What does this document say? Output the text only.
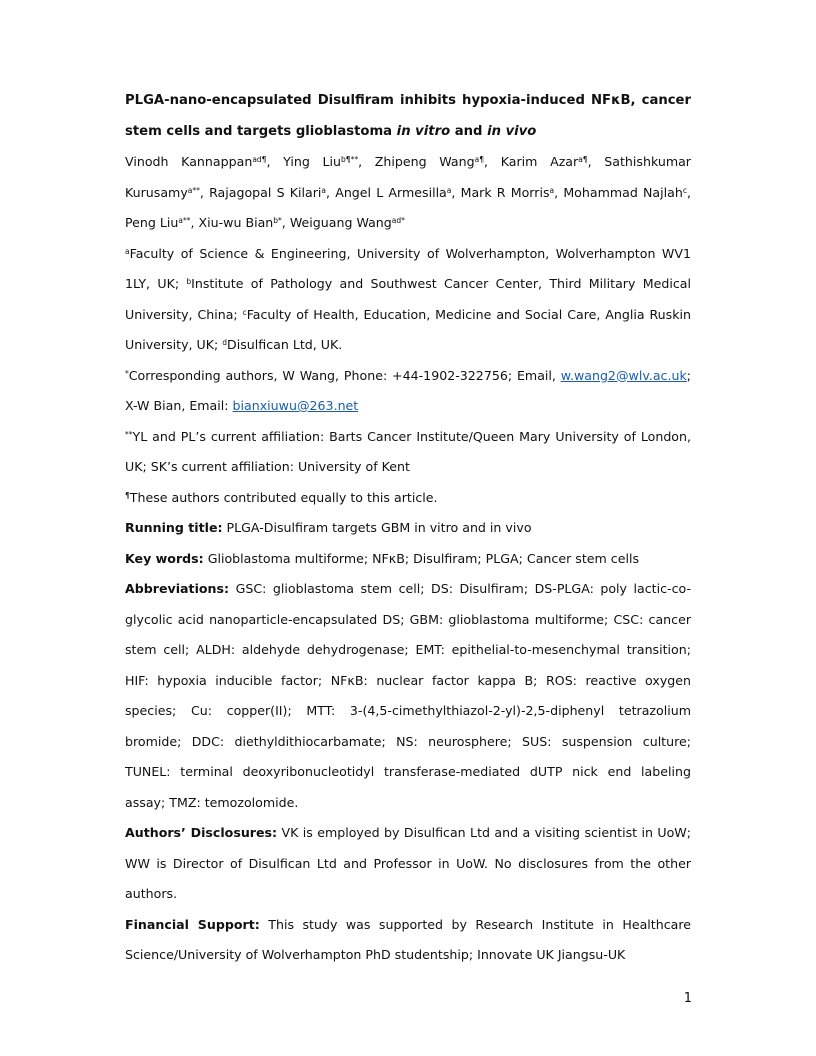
PLGA-nano-encapsulated Disulfiram inhibits hypoxia-induced NFκB, cancer

stem cells and targets glioblastoma in vitro and in vivo

Vinodh Kannappan$^{ad\P}$, Ying Liu$^{b\P**}$, Zhipeng Wang$^{a\P}$, Karim Azar$^{a\P}$, Sathishkumar Kurusamy$^{a**}$, Rajagopal S Kilari$^a$, Angel L Armesilla$^a$, Mark R Morris$^a$, Mohammad Najlah$^c$, Peng Liu$^{a**}$, Xiu-wu Bian$^{b*}$, Weiguang Wang$^{ad*}$

$^a$Faculty of Science & Engineering, University of Wolverhampton, Wolverhampton WV1 1LY, UK; $^b$Institute of Pathology and Southwest Cancer Center, Third Military Medical University, China; $^c$Faculty of Health, Education, Medicine and Social Care, Anglia Ruskin University, UK; $^d$Disulfican Ltd, UK.

*Corresponding authors, W Wang, Phone: +44-1902-322756; Email, w.wang2@wlv.ac.uk; X-W Bian, Email: bianxiuwu@263.net

**YL and PL’s current affiliation: Barts Cancer Institute/Queen Mary University of London, UK; SK’s current affiliation: University of Kent

¶These authors contributed equally to this article.

Running title: PLGA-Disulfiram targets GBM in vitro and in vivo

Key words: Glioblastoma multiforme; NFκB; Disulfiram; PLGA; Cancer stem cells

Abbreviations: GSC: glioblastoma stem cell; DS: Disulfiram; DS-PLGA: poly lactic-co-glycolic acid nanoparticle-encapsulated DS; GBM: glioblastoma multiforme; CSC: cancer stem cell; ALDH: aldehyde dehydrogenase; EMT: epithelial-to-mesenchymal transition; HIF: hypoxia inducible factor; NFκB: nuclear factor kappa B; ROS: reactive oxygen species; Cu: copper(II); MTT: 3-(4,5-cimethylthiazol-2-yl)-2,5-diphenyl tetrazolium bromide; DDC: diethyldithiocarbamate; NS: neurosphere; SUS: suspension culture; TUNEL: terminal deoxyribonucleotidyl transferase-mediated dUTP nick end labeling assay; TMZ: temozolomide.

Authors’ Disclosures: VK is employed by Disulfican Ltd and a visiting scientist in UoW; WW is Director of Disulfican Ltd and Professor in UoW. No disclosures from the other authors.

Financial Support: This study was supported by Research Institute in Healthcare Science/University of Wolverhampton PhD studentship; Innovate UK Jiangsu-UK

1
